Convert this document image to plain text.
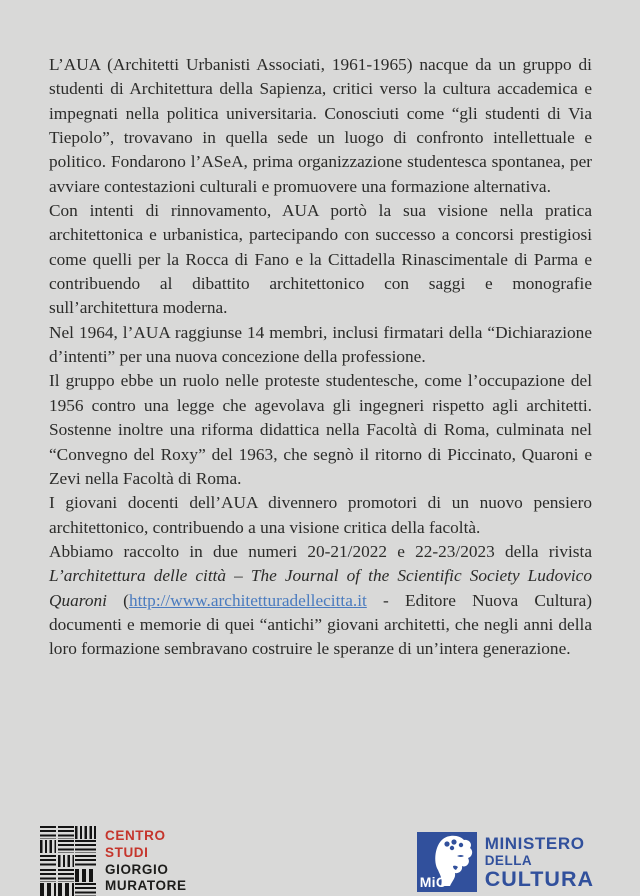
L’AUA (Architetti Urbanisti Associati, 1961-1965) nacque da un gruppo di studenti di Architettura della Sapienza, critici verso la cultura accademica e impegnati nella politica universitaria. Conosciuti come “gli studenti di Via Tiepolo”, trovavano in quella sede un luogo di confronto intellettuale e politico. Fondarono l’ASeA, prima organizzazione studentesca spontanea, per avviare contestazioni culturali e promuovere una formazione alternativa.

Con intenti di rinnovamento, AUA portò la sua visione nella pratica architettonica e urbanistica, partecipando con successo a concorsi prestigiosi come quelli per la Rocca di Fano e la Cittadella Rinascimentale di Parma e contribuendo al dibattito architettonico con saggi e monografie sull’architettura moderna.

Nel 1964, l’AUA raggiunse 14 membri, inclusi firmatari della “Dichiarazione d’intenti” per una nuova concezione della professione.

Il gruppo ebbe un ruolo nelle proteste studentesche, come l’occupazione del 1956 contro una legge che agevolava gli ingegneri rispetto agli architetti. Sostenne inoltre una riforma didattica nella Facoltà di Roma, culminata nel “Convegno del Roxy” del 1963, che segnò il ritorno di Piccinato, Quaroni e Zevi nella Facoltà di Roma.

I giovani docenti dell’AUA divennero promotori di un nuovo pensiero architettonico, contribuendo a una visione critica della facoltà.

Abbiamo raccolto in due numeri 20-21/2022 e 22-23/2023 della rivista L’architettura delle città – The Journal of the Scientific Society Ludovico Quaroni (http://www.architetturadellecitta.it - Editore Nuova Cultura) documenti e memorie di quei “antichi” giovani architetti, che negli anni della loro formazione sembravano costruire le speranze di un’intera generazione.

CENTRO
STUDI
GIORGIO
MURATORE	MiC
MINISTERO
DELLA
CULTURA
